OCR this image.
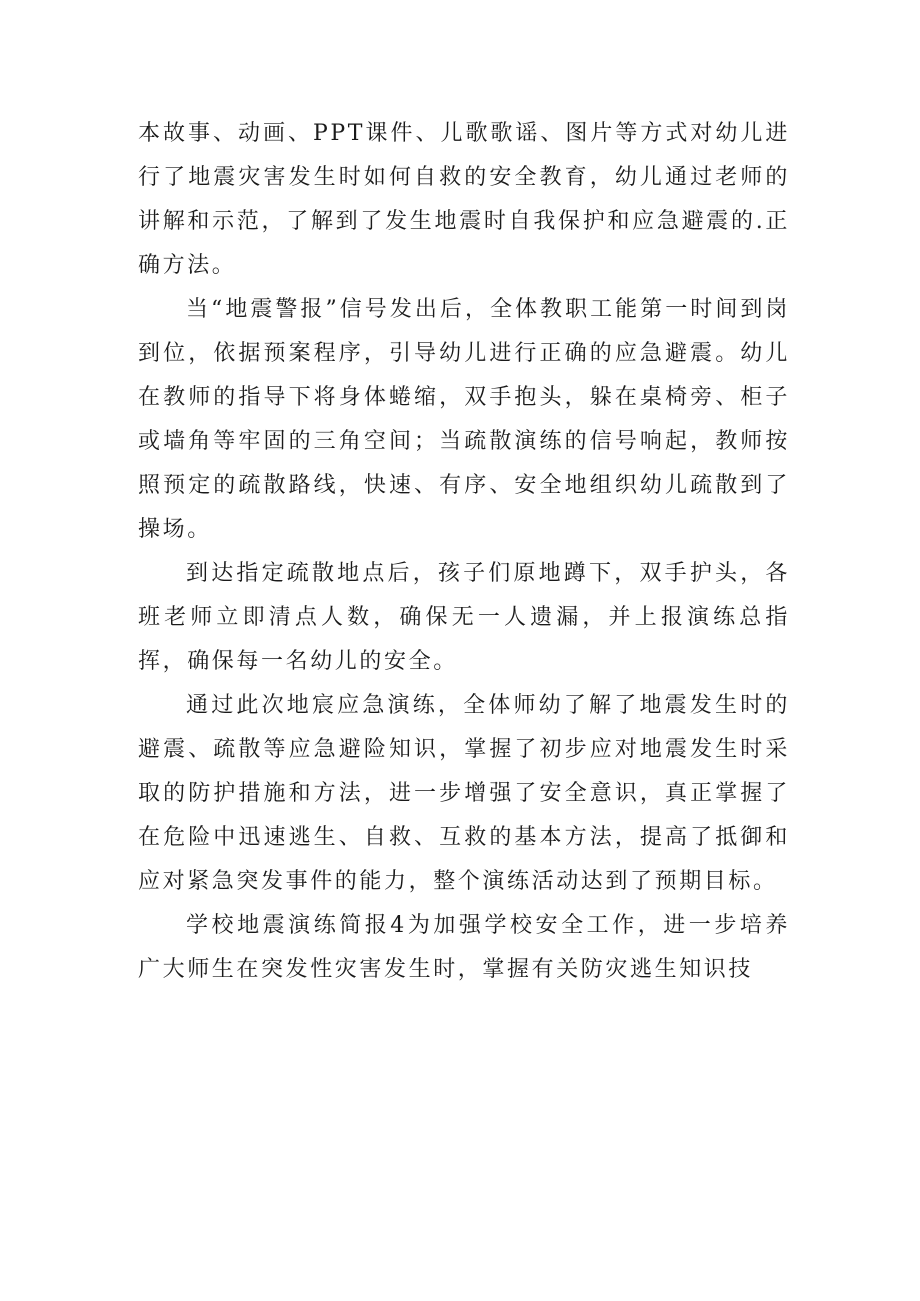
本故事、动画、PPT课件、儿歌歌谣、图片等方式对幼儿进行了地震灾害发生时如何自救的安全教育，幼儿通过老师的讲解和示范，了解到了发生地震时自我保护和应急避震的.正确方法。

当“地震警报”信号发出后，全体教职工能第一时间到岗到位，依据预案程序，引导幼儿进行正确的应急避震。幼儿在教师的指导下将身体蜷缩，双手抱头，躲在桌椅旁、柜子或墙角等牢固的三角空间；当疏散演练的信号响起，教师按照预定的疏散路线，快速、有序、安全地组织幼儿疏散到了操场。

到达指定疏散地点后，孩子们原地蹲下，双手护头，各班老师立即清点人数，确保无一人遗漏，并上报演练总指挥，确保每一名幼儿的安全。

通过此次地宸应急演练，全体师幼了解了地震发生时的避震、疏散等应急避险知识，掌握了初步应对地震发生时采取的防护措施和方法，进一步增强了安全意识，真正掌握了在危险中迅速逃生、自救、互救的基本方法，提高了抵御和应对紧急突发事件的能力，整个演练活动达到了预期目标。

学校地震演练简报4为加强学校安全工作，进一步培养广大师生在突发性灾害发生时，掌握有关防灾逃生知识技
